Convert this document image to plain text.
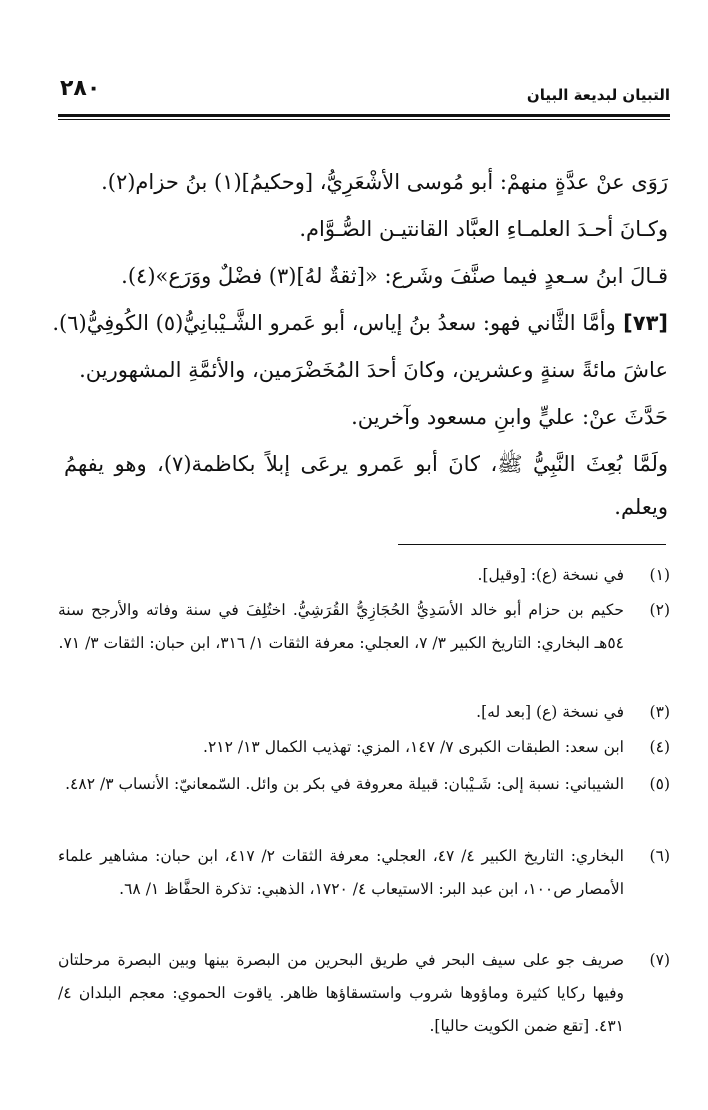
التبيان لبديعة البيان
٢٨٠
رَوَى عنْ عدَّةٍ منهمْ: أبو مُوسى الأشْعَرِيُّ، [وحكيمُ](١) بنُ حزام(٢).
وكـانَ أحـدَ العلمـاءِ العبَّاد القانتيـن الصُّـوَّام.
قـالَ ابنُ سـعدٍ فيما صنَّفَ وشَرع: «[ثقةٌ لهُ](٣) فضْلٌ ووَرَع»(٤).
[٧٣] وأمَّا الثَّاني فهو: سعدُ بنُ إياس، أبو عَمرو الشَّـيْبانِيُّ(٥) الكُوفِيُّ(٦).
عاشَ مائةً سنةٍ وعشرين، وكانَ أحدَ المُخَضْرَمين، والأئمَّةِ المشهورين.
حَدَّثَ عنْ: عليٍّ وابنِ مسعود وآخرين.
ولَمَّا بُعِثَ النَّبِيُّ ﷺ، كانَ أبو عَمرو يرعَى إبلاً بكاظمة(٧)، وهو يفهمُ
ويعلم.
(١)
في نسخة (ع): [وقيل].
(٢)
حكيم بن حزام أبو خالد الأسَدِيُّ الحُجَازِيُّ القُرَشِيُّ. اختُلِفَ في سنة وفاته والأرجح سنة ٥٤هـ البخاري: التاريخ الكبير ٣/ ٧، العجلي: معرفة الثقات ١/ ٣١٦، ابن حبان: الثقات ٣/ ٧١.
(٣)
في نسخة (ع) [بعد له].
(٤)
ابن سعد: الطبقات الكبرى ٧/ ١٤٧، المزي: تهذيب الكمال ١٣/ ٢١٢.
(٥)
الشيباني: نسبة إلى: شَـيْبان: قبيلة معروفة في بكر بن وائل. السّمعانيّ: الأنساب ٣/ ٤٨٢.
(٦)
البخاري: التاريخ الكبير ٤/ ٤٧، العجلي: معرفة الثقات ٢/ ٤١٧، ابن حبان: مشاهير علماء الأمصار ص١٠٠، ابن عبد البر: الاستيعاب ٤/ ١٧٢٠، الذهبي: تذكرة الحفَّاظ ١/ ٦٨.
(٧)
صريف جو على سيف البحر في طريق البحرين من البصرة بينها وبين البصرة مرحلتان وفيها ركايا كثيرة وماؤوها شروب واستسقاؤها ظاهر. ياقوت الحموي: معجم البلدان ٤/ ٤٣١. [تقع ضمن الكويت حاليا].
